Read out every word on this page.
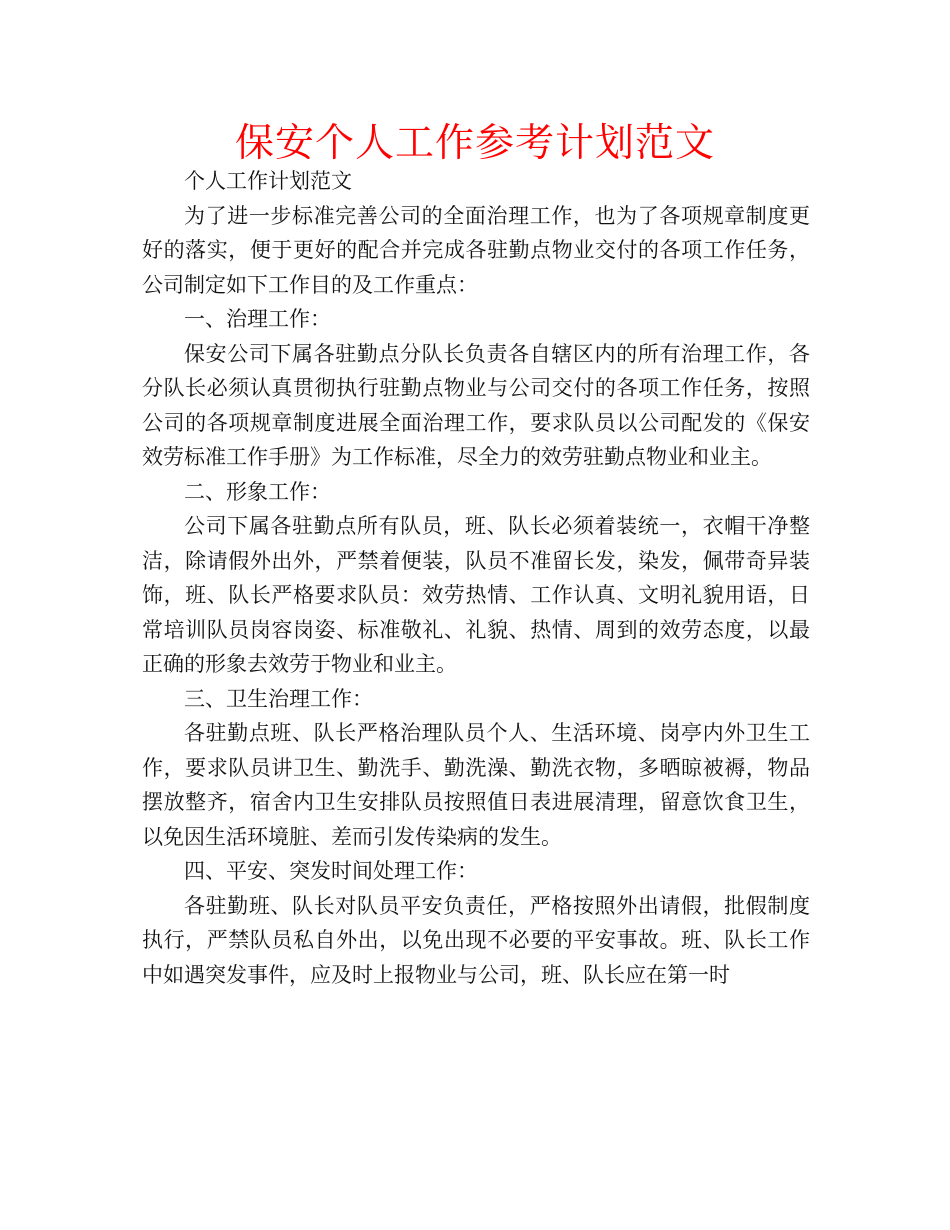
保安个人工作参考计划范文

个人工作计划范文

为了进一步标准完善公司的全面治理工作，也为了各项规章制度更好的落实，便于更好的配合并完成各驻勤点物业交付的各项工作任务，公司制定如下工作目的及工作重点：

一、治理工作：

保安公司下属各驻勤点分队长负责各自辖区内的所有治理工作，各分队长必须认真贯彻执行驻勤点物业与公司交付的各项工作任务，按照公司的各项规章制度进展全面治理工作，要求队员以公司配发的《保安效劳标准工作手册》为工作标准，尽全力的效劳驻勤点物业和业主。

二、形象工作：

公司下属各驻勤点所有队员，班、队长必须着装统一，衣帽干净整洁，除请假外出外，严禁着便装，队员不准留长发，染发，佩带奇异装饰，班、队长严格要求队员：效劳热情、工作认真、文明礼貌用语，日常培训队员岗容岗姿、标准敬礼、礼貌、热情、周到的效劳态度，以最正确的形象去效劳于物业和业主。

三、卫生治理工作：

各驻勤点班、队长严格治理队员个人、生活环境、岗亭内外卫生工作，要求队员讲卫生、勤洗手、勤洗澡、勤洗衣物，多晒晾被褥，物品摆放整齐，宿舍内卫生安排队员按照值日表进展清理，留意饮食卫生，以免因生活环境脏、差而引发传染病的发生。

四、平安、突发时间处理工作：

各驻勤班、队长对队员平安负责任，严格按照外出请假，批假制度执行，严禁队员私自外出，以免出现不必要的平安事故。班、队长工作中如遇突发事件，应及时上报物业与公司，班、队长应在第一时
